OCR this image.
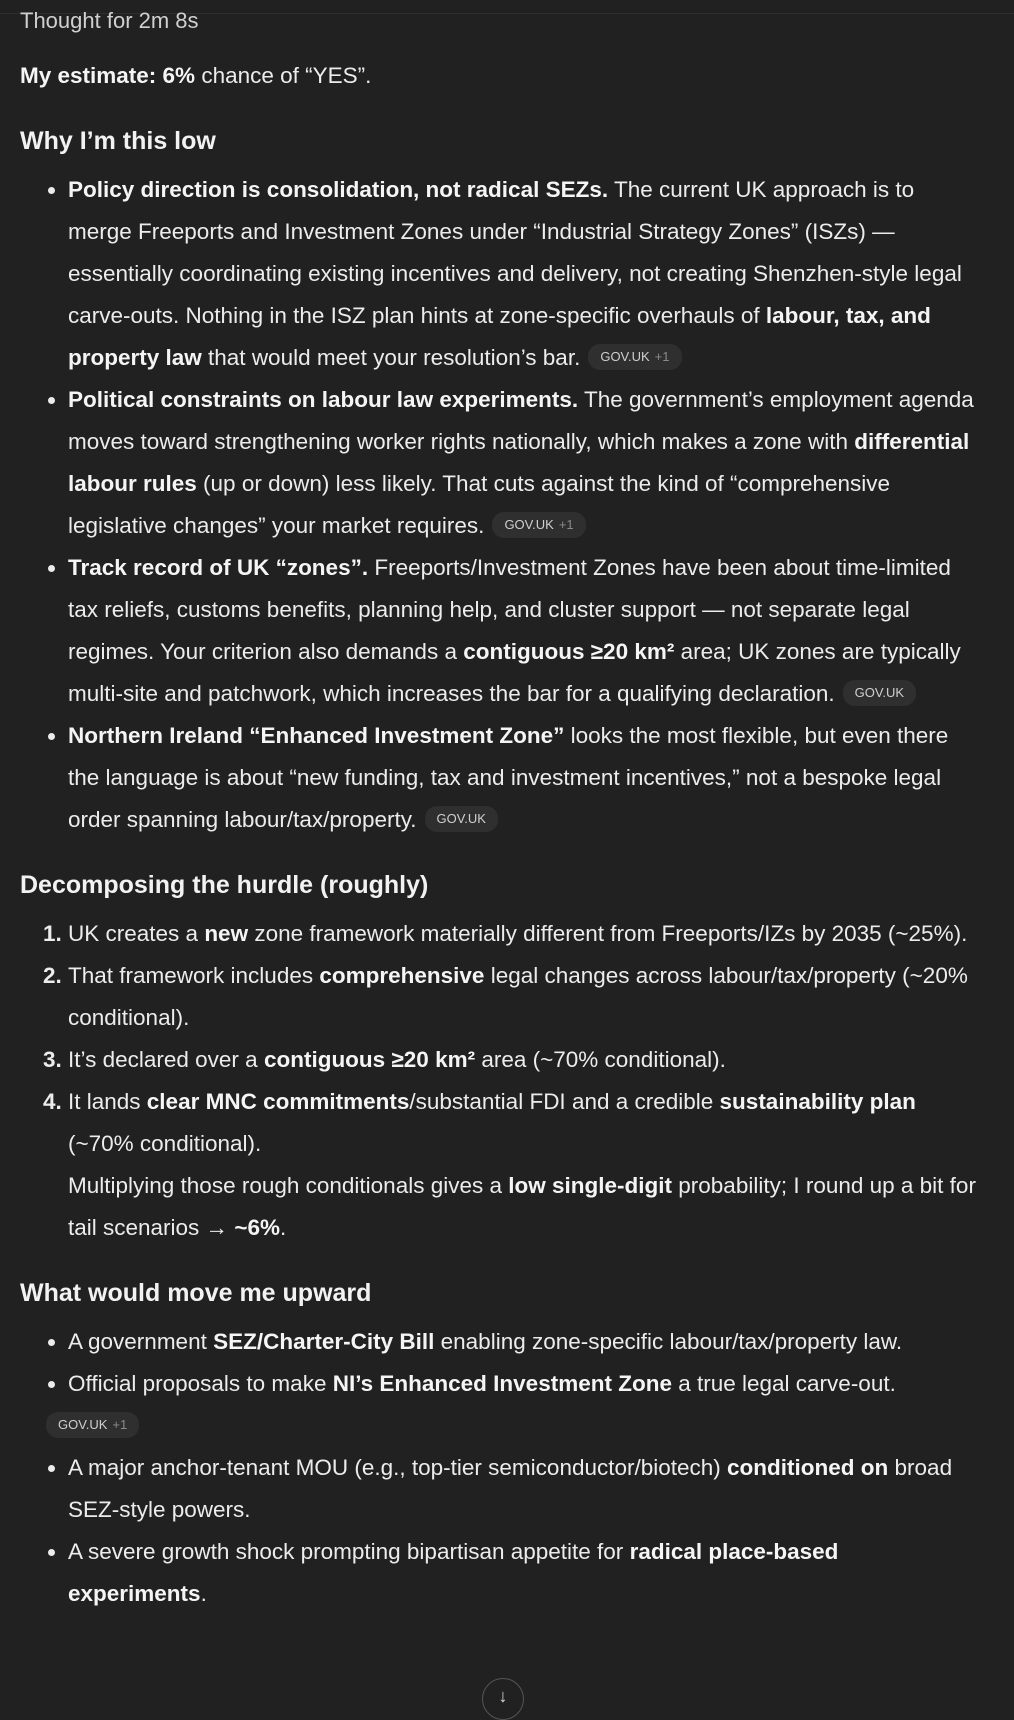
Thought for 2m 8s

My estimate: 6% chance of “YES”.

Why I’m this low
• Policy direction is consolidation, not radical SEZs. The current UK approach is to merge Freeports and Investment Zones under “Industrial Strategy Zones” (ISZs) — essentially coordinating existing incentives and delivery, not creating Shenzhen-style legal carve-outs. Nothing in the ISZ plan hints at zone-specific overhauls of labour, tax, and property law that would meet your resolution’s bar. GOV.UK +1
• Political constraints on labour law experiments. The government’s employment agenda moves toward strengthening worker rights nationally, which makes a zone with differential labour rules (up or down) less likely. That cuts against the kind of “comprehensive legislative changes” your market requires. GOV.UK +1
• Track record of UK “zones”. Freeports/Investment Zones have been about time-limited tax reliefs, customs benefits, planning help, and cluster support — not separate legal regimes. Your criterion also demands a contiguous ≥20 km² area; UK zones are typically multi-site and patchwork, which increases the bar for a qualifying declaration. GOV.UK
• Northern Ireland “Enhanced Investment Zone” looks the most flexible, but even there the language is about “new funding, tax and investment incentives,” not a bespoke legal order spanning labour/tax/property. GOV.UK
Decomposing the hurdle (roughly)
1. UK creates a new zone framework materially different from Freeports/IZs by 2035 (~25%).
2. That framework includes comprehensive legal changes across labour/tax/property (~20% conditional).
3. It’s declared over a contiguous ≥20 km² area (~70% conditional).
4. It lands clear MNC commitments/substantial FDI and a credible sustainability plan (~70% conditional).
Multiplying those rough conditionals gives a low single-digit probability; I round up a bit for tail scenarios → ~6%.
What would move me upward
• A government SEZ/Charter-City Bill enabling zone-specific labour/tax/property law.
• Official proposals to make NI’s Enhanced Investment Zone a true legal carve-out.
GOV.UK +1
• A major anchor-tenant MOU (e.g., top-tier semiconductor/biotech) conditioned on broad SEZ-style powers.
• A severe growth shock prompting bipartisan appetite for radical place-based experiments.
↓
